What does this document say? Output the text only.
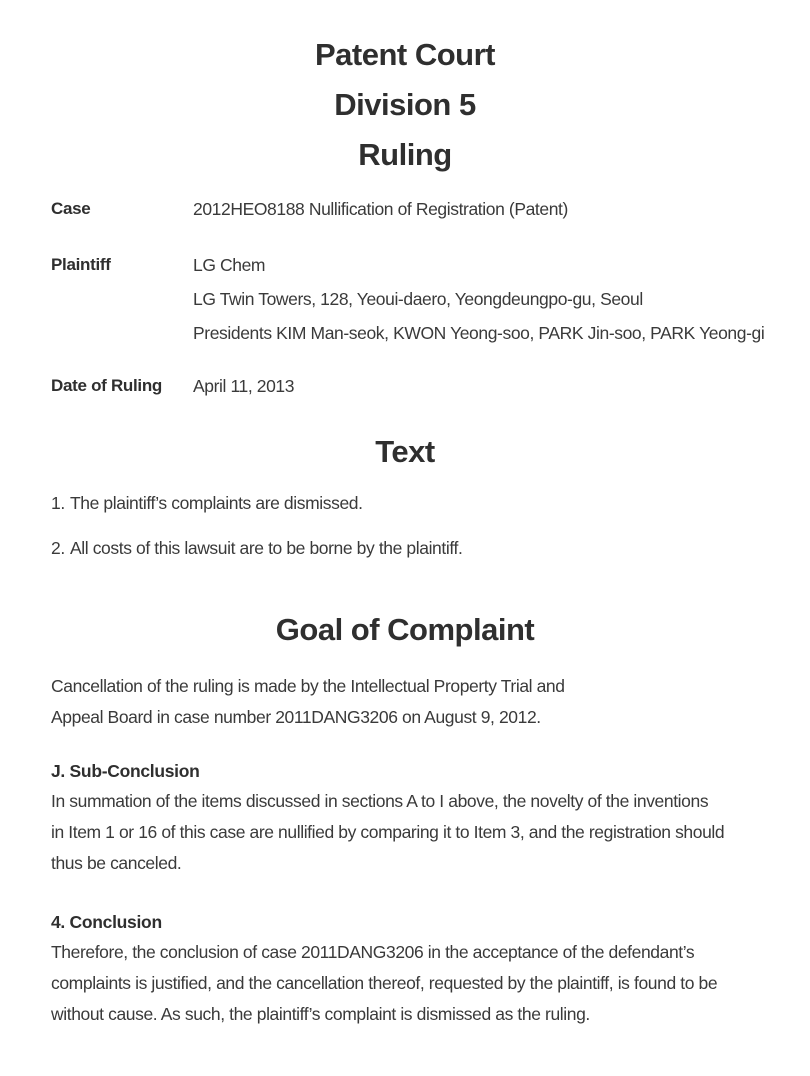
Patent Court
Division 5
Ruling
Case	2012HEO8188 Nullification of Registration (Patent)
Plaintiff	LG Chem
LG Twin Towers, 128, Yeoui-daero, Yeongdeungpo-gu, Seoul
Presidents KIM Man-seok, KWON Yeong-soo, PARK Jin-soo, PARK Yeong-gi
Date of Ruling	April 11, 2013
Text
1. The plaintiff’s complaints are dismissed.
2. All costs of this lawsuit are to be borne by the plaintiff.
Goal of Complaint
Cancellation of the ruling is made by the Intellectual Property Trial and
Appeal Board in case number 2011DANG3206 on August 9, 2012.
J. Sub-Conclusion
In summation of the items discussed in sections A to I above, the novelty of the inventions
in Item 1 or 16 of this case are nullified by comparing it to Item 3, and the registration should
thus be canceled.
4. Conclusion
Therefore, the conclusion of case 2011DANG3206 in the acceptance of the defendant’s
complaints is justified, and the cancellation thereof, requested by the plaintiff, is found to be
without cause. As such, the plaintiff’s complaint is dismissed as the ruling.
